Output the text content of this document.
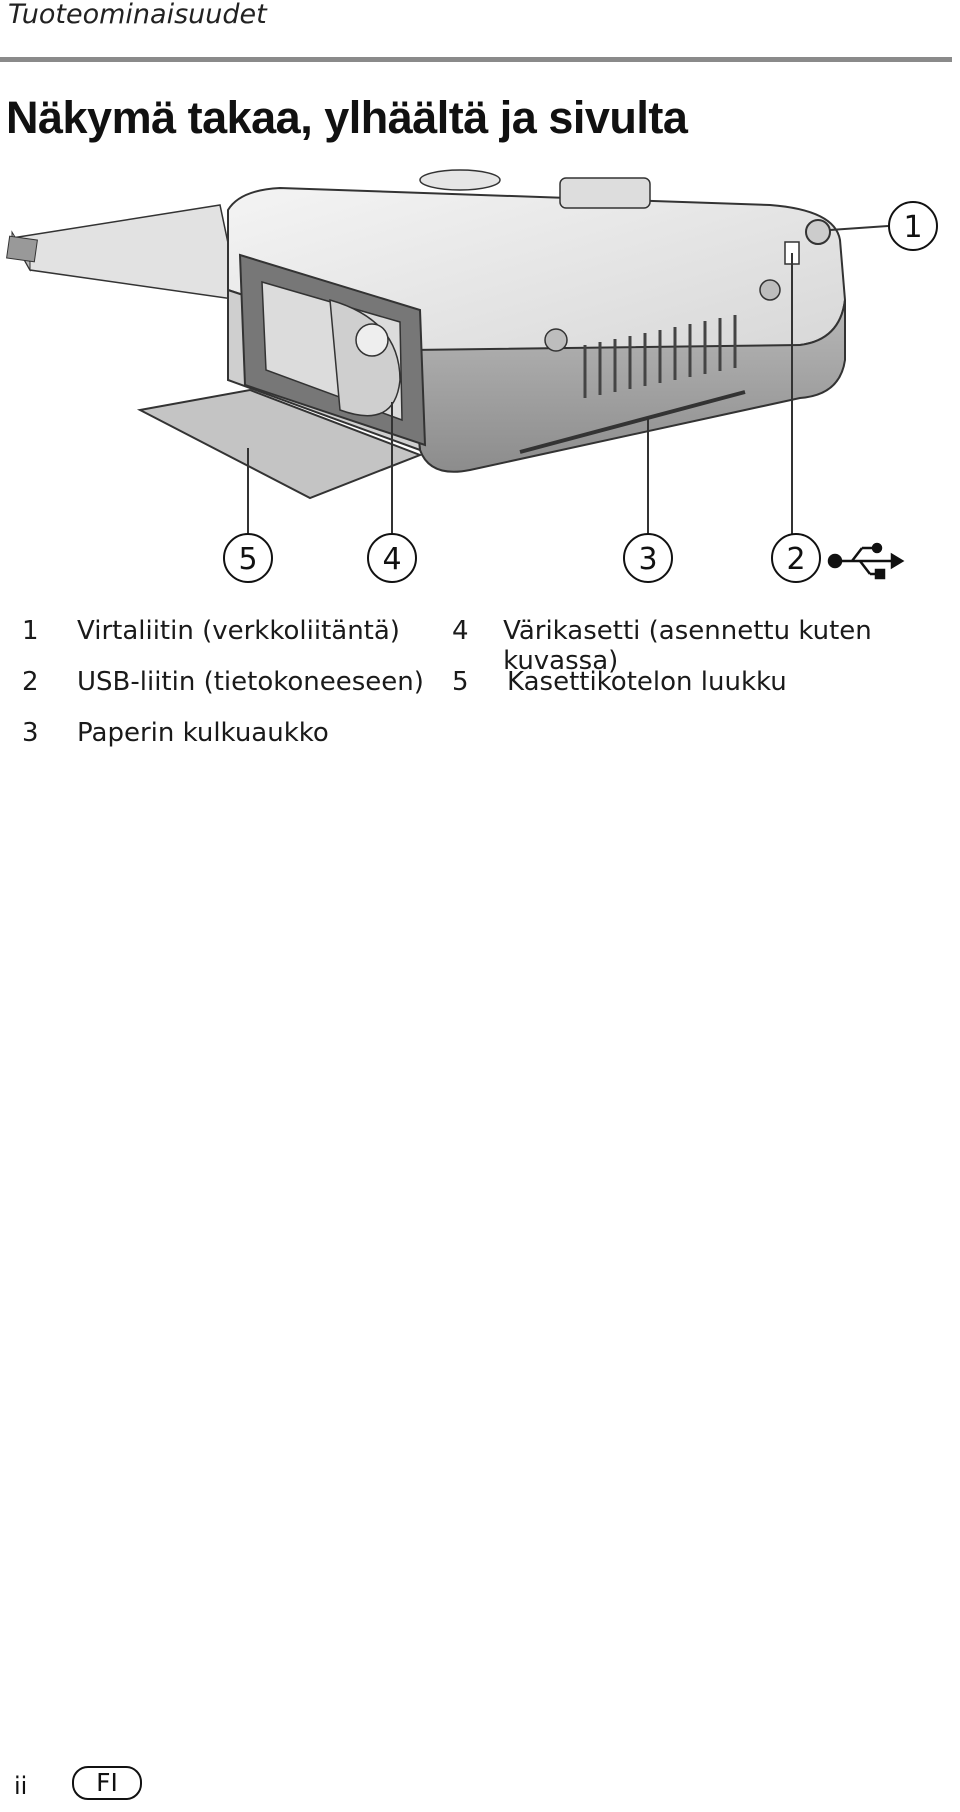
Tuoteominaisuudet
Näkymä takaa, ylhäältä ja sivulta
1
2
3
4
5
1	Virtaliitin (verkkoliitäntä)
2	USB-liitin (tietokoneeseen)
3	Paperin kulkuaukko
4	Värikasetti (asennettu kuten kuvassa)
5	Kasettikotelon luukku
ii	FI
